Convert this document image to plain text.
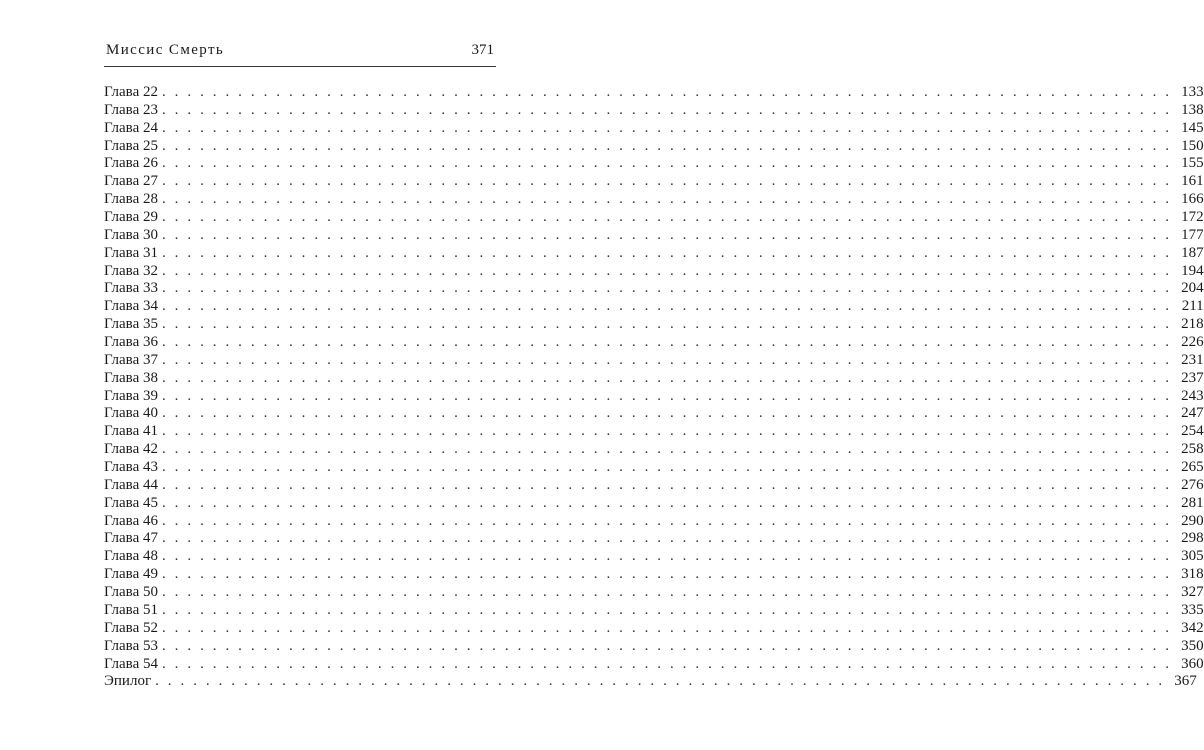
Миссис Смерть	371
Глава 22 . . . . . . . . . . . . . . . . . . . . . . . . . . . . . . . . . . . . . . . . . . . . . . . . . . . . . . . . . . . . . . . . . . . . . . . . . . . . . . . . 133
Глава 23 . . . . . . . . . . . . . . . . . . . . . . . . . . . . . . . . . . . . . . . . . . . . . . . . . . . . . . . . . . . . . . . . . . . . . . . . . . . . . . . . 138
Глава 24 . . . . . . . . . . . . . . . . . . . . . . . . . . . . . . . . . . . . . . . . . . . . . . . . . . . . . . . . . . . . . . . . . . . . . . . . . . . . . . . . 145
Глава 25 . . . . . . . . . . . . . . . . . . . . . . . . . . . . . . . . . . . . . . . . . . . . . . . . . . . . . . . . . . . . . . . . . . . . . . . . . . . . . . . . 150
Глава 26 . . . . . . . . . . . . . . . . . . . . . . . . . . . . . . . . . . . . . . . . . . . . . . . . . . . . . . . . . . . . . . . . . . . . . . . . . . . . . . . . 155
Глава 27 . . . . . . . . . . . . . . . . . . . . . . . . . . . . . . . . . . . . . . . . . . . . . . . . . . . . . . . . . . . . . . . . . . . . . . . . . . . . . . . . 161
Глава 28 . . . . . . . . . . . . . . . . . . . . . . . . . . . . . . . . . . . . . . . . . . . . . . . . . . . . . . . . . . . . . . . . . . . . . . . . . . . . . . . . 166
Глава 29 . . . . . . . . . . . . . . . . . . . . . . . . . . . . . . . . . . . . . . . . . . . . . . . . . . . . . . . . . . . . . . . . . . . . . . . . . . . . . . . . 172
Глава 30 . . . . . . . . . . . . . . . . . . . . . . . . . . . . . . . . . . . . . . . . . . . . . . . . . . . . . . . . . . . . . . . . . . . . . . . . . . . . . . . . 177
Глава 31 . . . . . . . . . . . . . . . . . . . . . . . . . . . . . . . . . . . . . . . . . . . . . . . . . . . . . . . . . . . . . . . . . . . . . . . . . . . . . . . . 187
Глава 32 . . . . . . . . . . . . . . . . . . . . . . . . . . . . . . . . . . . . . . . . . . . . . . . . . . . . . . . . . . . . . . . . . . . . . . . . . . . . . . . . 194
Глава 33 . . . . . . . . . . . . . . . . . . . . . . . . . . . . . . . . . . . . . . . . . . . . . . . . . . . . . . . . . . . . . . . . . . . . . . . . . . . . . . . . 204
Глава 34 . . . . . . . . . . . . . . . . . . . . . . . . . . . . . . . . . . . . . . . . . . . . . . . . . . . . . . . . . . . . . . . . . . . . . . . . . . . . . . . . 211
Глава 35 . . . . . . . . . . . . . . . . . . . . . . . . . . . . . . . . . . . . . . . . . . . . . . . . . . . . . . . . . . . . . . . . . . . . . . . . . . . . . . . . 218
Глава 36 . . . . . . . . . . . . . . . . . . . . . . . . . . . . . . . . . . . . . . . . . . . . . . . . . . . . . . . . . . . . . . . . . . . . . . . . . . . . . . . . 226
Глава 37 . . . . . . . . . . . . . . . . . . . . . . . . . . . . . . . . . . . . . . . . . . . . . . . . . . . . . . . . . . . . . . . . . . . . . . . . . . . . . . . . 231
Глава 38 . . . . . . . . . . . . . . . . . . . . . . . . . . . . . . . . . . . . . . . . . . . . . . . . . . . . . . . . . . . . . . . . . . . . . . . . . . . . . . . . 237
Глава 39 . . . . . . . . . . . . . . . . . . . . . . . . . . . . . . . . . . . . . . . . . . . . . . . . . . . . . . . . . . . . . . . . . . . . . . . . . . . . . . . . 243
Глава 40 . . . . . . . . . . . . . . . . . . . . . . . . . . . . . . . . . . . . . . . . . . . . . . . . . . . . . . . . . . . . . . . . . . . . . . . . . . . . . . . . 247
Глава 41 . . . . . . . . . . . . . . . . . . . . . . . . . . . . . . . . . . . . . . . . . . . . . . . . . . . . . . . . . . . . . . . . . . . . . . . . . . . . . . . . 254
Глава 42 . . . . . . . . . . . . . . . . . . . . . . . . . . . . . . . . . . . . . . . . . . . . . . . . . . . . . . . . . . . . . . . . . . . . . . . . . . . . . . . . 258
Глава 43 . . . . . . . . . . . . . . . . . . . . . . . . . . . . . . . . . . . . . . . . . . . . . . . . . . . . . . . . . . . . . . . . . . . . . . . . . . . . . . . . 265
Глава 44 . . . . . . . . . . . . . . . . . . . . . . . . . . . . . . . . . . . . . . . . . . . . . . . . . . . . . . . . . . . . . . . . . . . . . . . . . . . . . . . . 276
Глава 45 . . . . . . . . . . . . . . . . . . . . . . . . . . . . . . . . . . . . . . . . . . . . . . . . . . . . . . . . . . . . . . . . . . . . . . . . . . . . . . . . 281
Глава 46 . . . . . . . . . . . . . . . . . . . . . . . . . . . . . . . . . . . . . . . . . . . . . . . . . . . . . . . . . . . . . . . . . . . . . . . . . . . . . . . . 290
Глава 47 . . . . . . . . . . . . . . . . . . . . . . . . . . . . . . . . . . . . . . . . . . . . . . . . . . . . . . . . . . . . . . . . . . . . . . . . . . . . . . . . 298
Глава 48 . . . . . . . . . . . . . . . . . . . . . . . . . . . . . . . . . . . . . . . . . . . . . . . . . . . . . . . . . . . . . . . . . . . . . . . . . . . . . . . . 305
Глава 49 . . . . . . . . . . . . . . . . . . . . . . . . . . . . . . . . . . . . . . . . . . . . . . . . . . . . . . . . . . . . . . . . . . . . . . . . . . . . . . . . 318
Глава 50 . . . . . . . . . . . . . . . . . . . . . . . . . . . . . . . . . . . . . . . . . . . . . . . . . . . . . . . . . . . . . . . . . . . . . . . . . . . . . . . . 327
Глава 51 . . . . . . . . . . . . . . . . . . . . . . . . . . . . . . . . . . . . . . . . . . . . . . . . . . . . . . . . . . . . . . . . . . . . . . . . . . . . . . . . 335
Глава 52 . . . . . . . . . . . . . . . . . . . . . . . . . . . . . . . . . . . . . . . . . . . . . . . . . . . . . . . . . . . . . . . . . . . . . . . . . . . . . . . . 342
Глава 53 . . . . . . . . . . . . . . . . . . . . . . . . . . . . . . . . . . . . . . . . . . . . . . . . . . . . . . . . . . . . . . . . . . . . . . . . . . . . . . . . 350
Глава 54 . . . . . . . . . . . . . . . . . . . . . . . . . . . . . . . . . . . . . . . . . . . . . . . . . . . . . . . . . . . . . . . . . . . . . . . . . . . . . . . . 360
Эпилог . . . . . . . . . . . . . . . . . . . . . . . . . . . . . . . . . . . . . . . . . . . . . . . . . . . . . . . . . . . . . . . . . . . . . . . . . . . . . . . . 367
